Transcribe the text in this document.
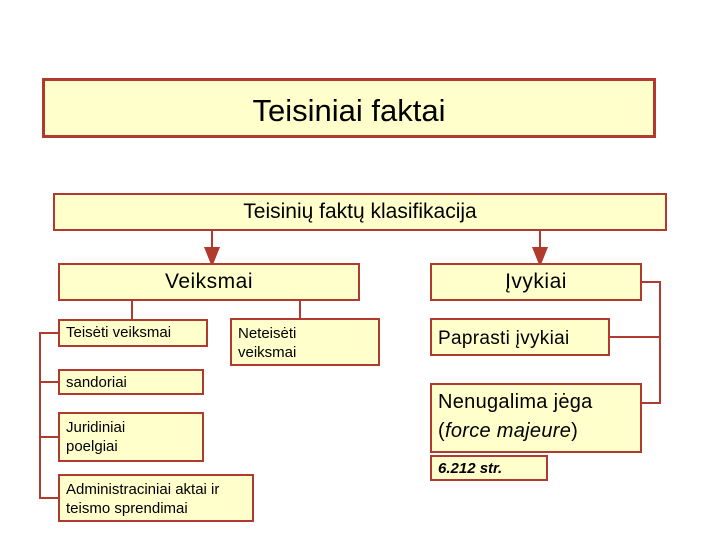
Teisiniai faktai
Teisinių faktų klasifikacija
Veiksmai	Įvykiai
Teisėti veiksmai	Neteisėti
veiksmai
sandoriai
Juridiniai
poelgiai
Administraciniai aktai ir
teismo sprendimai
Paprasti įvykiai
Nenugalima jėga
(force majeure)
6.212 str.
